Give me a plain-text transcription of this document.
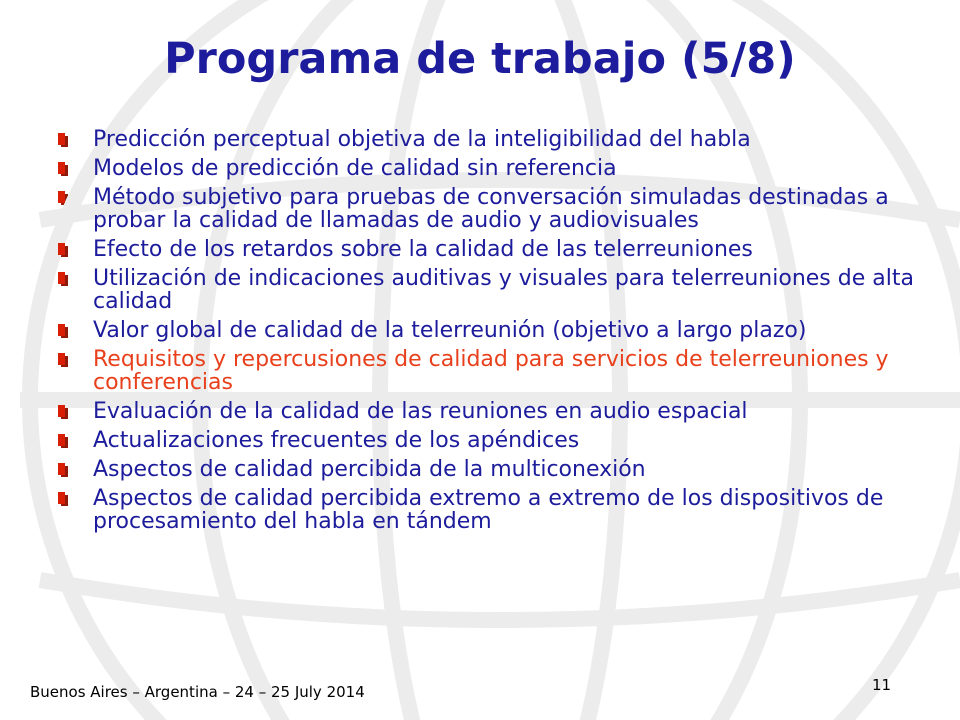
Programa de trabajo (5/8)
Predicción perceptual objetiva de la inteligibilidad del habla
Modelos de predicción de calidad sin referencia
Método subjetivo para pruebas de conversación simuladas destinadas a probar la calidad de llamadas de audio y audiovisuales
Efecto de los retardos sobre la calidad de las telerreuniones
Utilización de indicaciones auditivas y visuales para telerreuniones de alta calidad
Valor global de calidad de la telerreunión (objetivo a largo plazo)
Requisitos y repercusiones de calidad para servicios de telerreuniones y conferencias
Evaluación de la calidad de las reuniones en audio espacial
Actualizaciones frecuentes de los apéndices
Aspectos de calidad percibida de la multiconexión
Aspectos de calidad percibida extremo a extremo de los dispositivos de procesamiento del habla en tándem
Buenos Aires – Argentina – 24 – 25 July 2014	11
